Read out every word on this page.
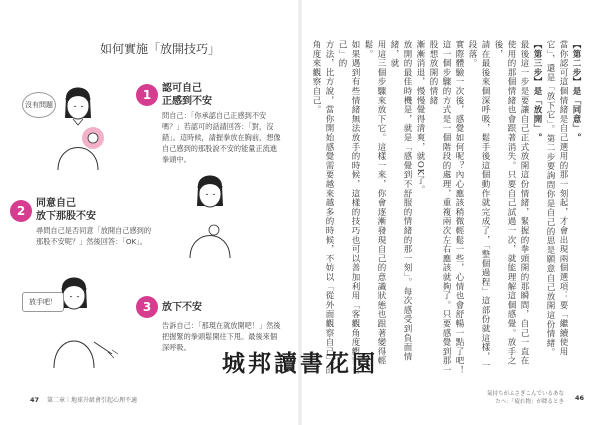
如何實施「放開技巧」
沒有問題
1	認可自己
正感到不安
問自己：「你承認自己正感到不安嗎？」若認可的話請回答：「對，沒錯」。這時候，請握拳放在胸前，想像自己感到的那股說不安的能量正流進拳頭中。
2
同意自己
放下那股不安
尋問自己是否同意「放開自己感到的那股不安呢？」然後回答：「OK」。
放手吧！	3	放下不安
告訴自己：「那現在就放開吧！」然後把握緊的拳頭鬆開往下甩。最後來個深呼吸。
47 第二章｜地球升級會引起心理不適
【第二步】是「同意」。
當你認可這個情緒是自己選用的那一刻起，才會出現兩個選項：要「繼續使用
它」，還是「放下它」。第二步要詢問你是自己的思是願意自己放開這份情緒。
【第三步】是「放開」。
最後這一步是要讓自己正式放開這份情緒，緊握的拳頭開的那瞬間，自己一直在
使用的那個情緒也會跟著消失。只要自己試過一次，就能理解這個感覺。放手之後，
請在最後來個深呼吸，鬆手後這個動作就完成了，「整個過程」這部份就這樣，一段落。
實際體驗一次後，感覺如何呢？內心應該稍微輕鬆一些，心情也會舒暢一點了吧！
這一個步驟的方式是一個階段的處理，重複兩次左右應該就夠了。只要感覺到那一股想放開的情緒
漸漸消退，慢慢覺得清爽，就OK了。
放開的最佳時機是，就是「感覺到不舒服的情緒的那一刻」。每次感受到負面情緒，就
用這三個步驟來放下它。這樣一來，你會逐漸發現自己的意識狀態也跟著變得輕鬆。
如果遇到有些情緒無法放手的時候，這樣的技巧也可以善加利用「客觀角度觀察自己」的
方法，比方說，當你開始感覺需要越來越多的時候，不妨以「從外面觀察自己」的角度來觀察自己。
氣持ちがふさぎこんでいるあな
たへ：「疲れ物」が降るとき 46
城邦讀書花園
